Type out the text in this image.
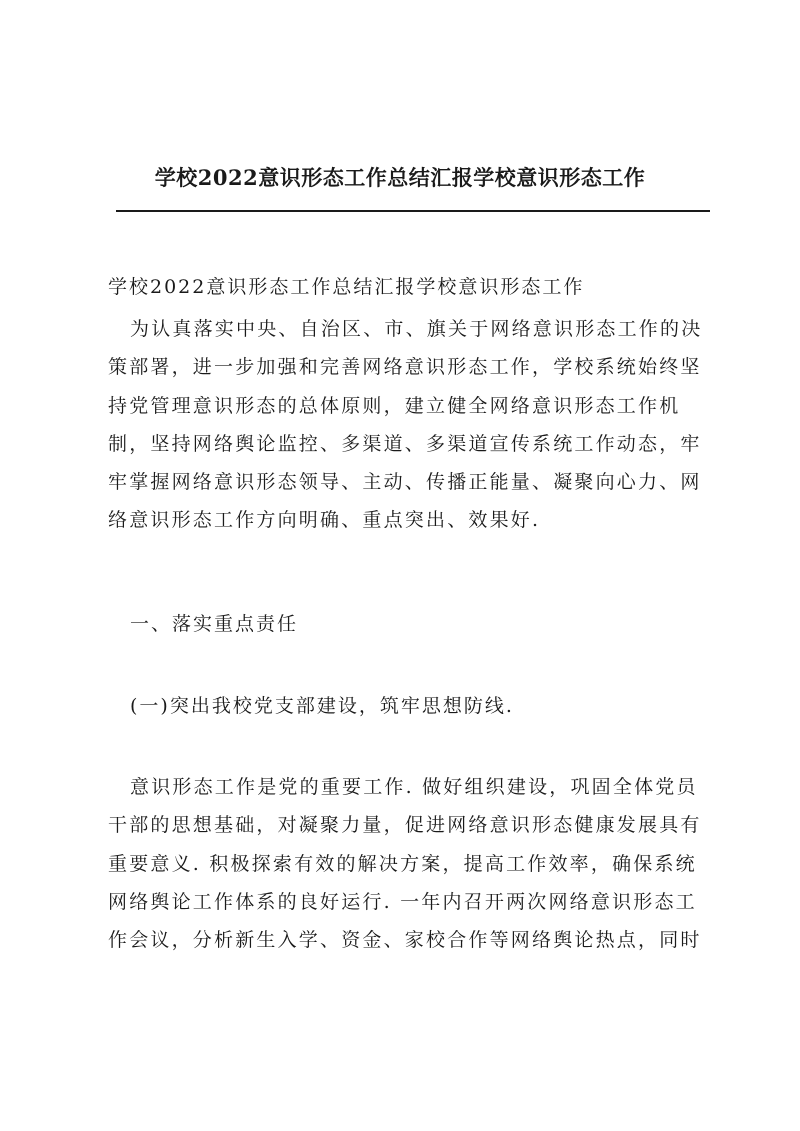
学校2022意识形态工作总结汇报学校意识形态工作

学校2022意识形态工作总结汇报学校意识形态工作

为认真落实中央、自治区、市、旗关于网络意识形态工作的决策部署，进一步加强和完善网络意识形态工作，学校系统始终坚持党管理意识形态的总体原则，建立健全网络意识形态工作机制，坚持网络舆论监控、多渠道、多渠道宣传系统工作动态，牢牢掌握网络意识形态领导、主动、传播正能量、凝聚向心力、网络意识形态工作方向明确、重点突出、效果好.

一、落实重点责任

(一)突出我校党支部建设，筑牢思想防线.

意识形态工作是党的重要工作. 做好组织建设，巩固全体党员干部的思想基础，对凝聚力量，促进网络意识形态健康发展具有重要意义. 积极探索有效的解决方案，提高工作效率，确保系统网络舆论工作体系的良好运行. 一年内召开两次网络意识形态工作会议，分析新生入学、资金、家校合作等网络舆论热点，同时
